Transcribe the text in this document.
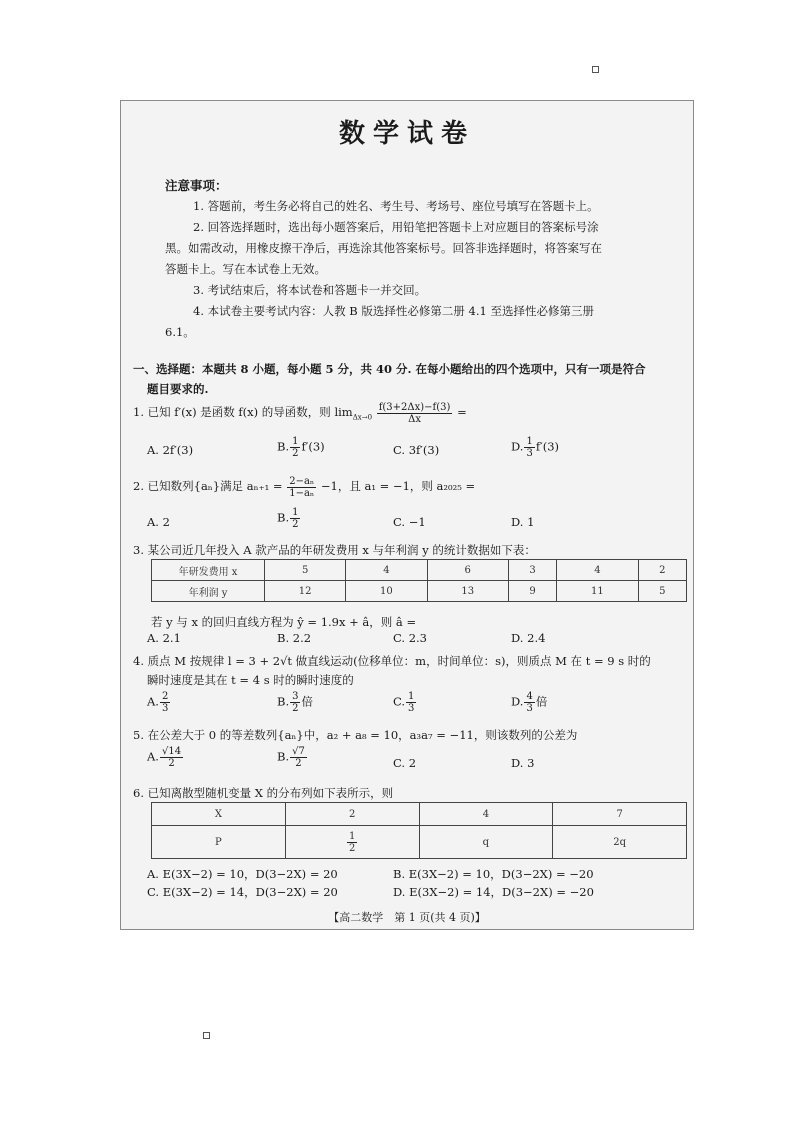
数学试卷
注意事项：
1. 答题前，考生务必将自己的姓名、考生号、考场号、座位号填写在答题卡上。
2. 回答选择题时，选出每小题答案后，用铅笔把答题卡上对应题目的答案标号涂
黑。如需改动，用橡皮擦干净后，再选涂其他答案标号。回答非选择题时，将答案写在
答题卡上。写在本试卷上无效。
3. 考试结束后，将本试卷和答题卡一并交回。
4. 本试卷主要考试内容：人教 B 版选择性必修第二册 4.1 至选择性必修第三册
6.1。
一、选择题：本题共 8 小题，每小题 5 分，共 40 分. 在每小题给出的四个选项中，只有一项是符合
题目要求的.
1. 已知 f′(x) 是函数 f(x) 的导函数，则 $\lim_{\Delta x\to 0} \frac{f(3+2\Delta x)-f(3)}{\Delta x}$ =
A. 2f′(3)	B. $\frac{1}{2} f'(3)$	C. 3f′(3)	D. $\frac{1}{3} f'(3)$
2. 已知数列{aₙ}满足 $a_{n+1} = \frac{\text{2−aₙ}}{\text{1−aₙ}} -1$，且 a₁ = −1，则 a₂₀₂₅ =
A. 2	B. $\frac{1}{2}$	C. −1	D. 1
3. 某公司近几年投入 A 款产品的年研发费用 x 与年利润 y 的统计数据如下表：
年研发费用 x	5	4	6	3	4	2
年利润 y	12	10	13	9	11	5
若 y 与 x 的回归直线方程为 ŷ = 1.9x + â，则 â =
A. 2.1	B. 2.2	C. 2.3	D. 2.4
4. 质点 M 按规律 l = 3 + 2√t 做直线运动(位移单位：m，时间单位：s)，则质点 M 在 t = 9 s 时的
瞬时速度是其在 t = 4 s 时的瞬时速度的
A. $\frac{2}{3}$	B. $\frac{3}{2}$ 倍	C. $\frac{1}{3}$	D. $\frac{4}{3}$ 倍
5. 在公差大于 0 的等差数列{aₙ}中，a₂ + a₈ = 10，a₃a₇ = −11，则该数列的公差为
A. $\frac{√14}{2}$	B. $\frac{√7}{2}$	C. 2	D. 3
6. 已知离散型随机变量 X 的分布列如下表所示，则
X	2	4	7
P	$\frac{1}{2}$	q	2q
A. E(3X−2) = 10，D(3−2X) = 20	B. E(3X−2) = 10，D(3−2X) = −20
C. E(3X−2) = 14，D(3−2X) = 20	D. E(3X−2) = 14，D(3−2X) = −20
【高二数学　第 1 页(共 4 页)】
